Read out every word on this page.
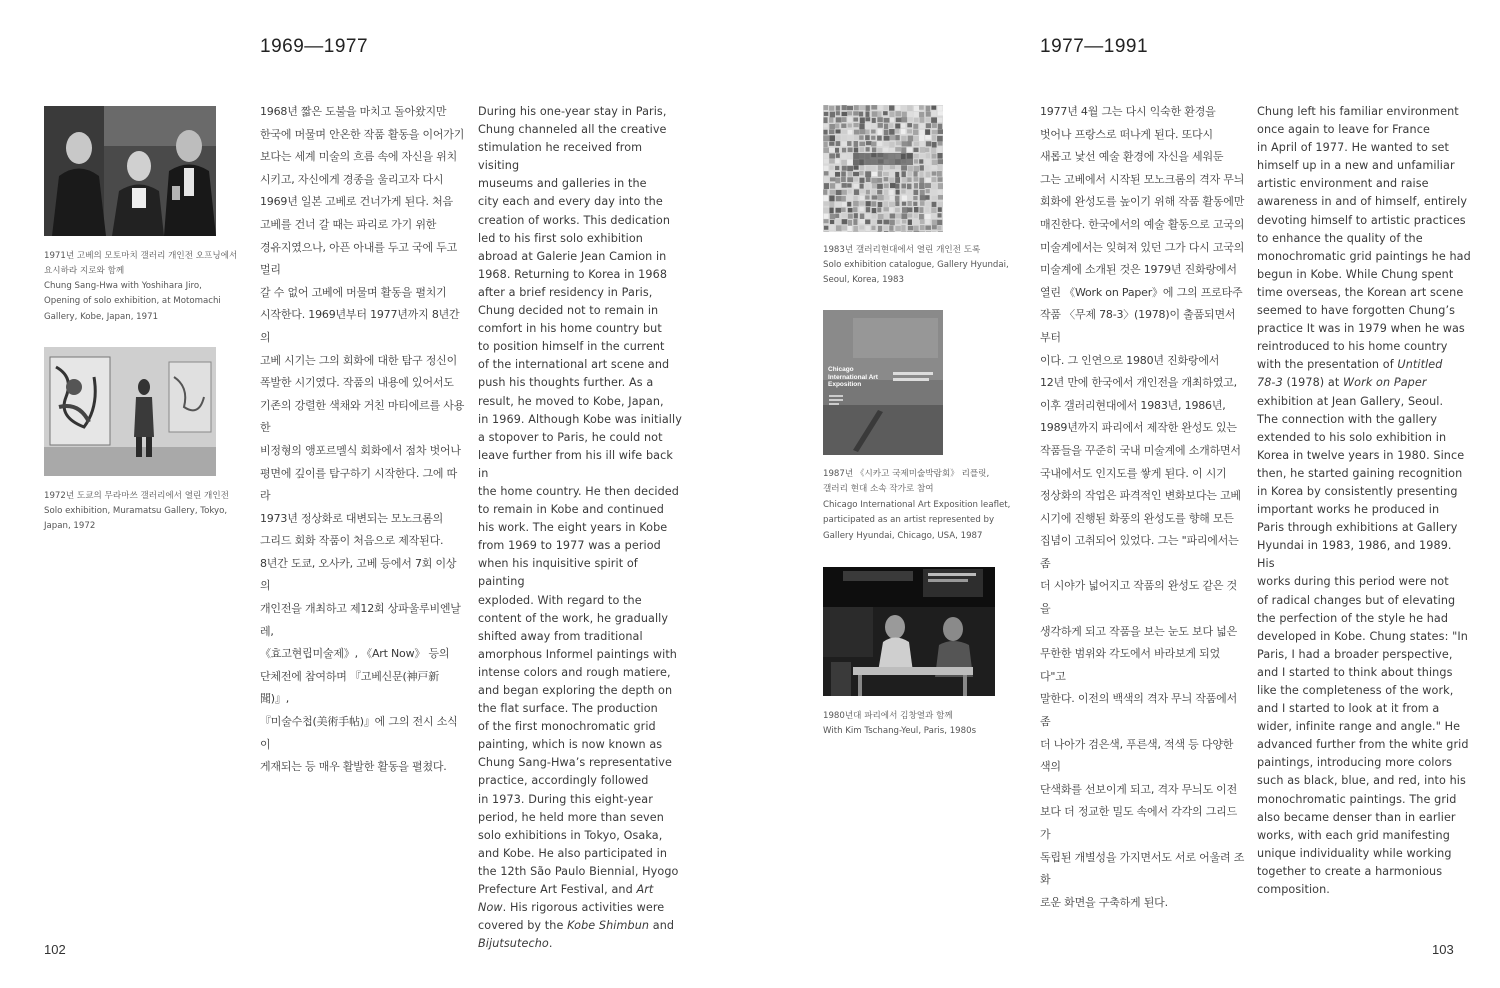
1969—1977
1971년 고베의 모토마치 갤러리 개인전 오프닝에서
요시하라 지로와 함께
Chung Sang-Hwa with Yoshihara Jiro,
Opening of solo exhibition, at Motomachi
Gallery, Kobe, Japan, 1971
1972년 도쿄의 무라마쓰 갤러리에서 열린 개인전
Solo exhibition, Muramatsu Gallery, Tokyo,
Japan, 1972
1968년 짧은 도불을 마치고 돌아왔지만
한국에 머물며 안온한 작품 활동을 이어가기
보다는 세계 미술의 흐름 속에 자신을 위치
시키고, 자신에게 경종을 울리고자 다시
1969년 일본 고베로 건너가게 된다. 처음
고베를 건너 갈 때는 파리로 가기 위한
경유지였으나, 아픈 아내를 두고 국에 두고 멀리
갈 수 없어 고베에 머물며 활동을 펼치기
시작한다. 1969년부터 1977년까지 8년간의
고베 시기는 그의 회화에 대한 탐구 정신이
폭발한 시기였다. 작품의 내용에 있어서도
기존의 강렬한 색채와 거친 마티에르를 사용한
비정형의 앵포르멜식 회화에서 점차 벗어나
평면에 깊이를 탐구하기 시작한다. 그에 따라
1973년 정상화로 대변되는 모노크롬의
그리드 회화 작품이 처음으로 제작된다.
8년간 도쿄, 오사카, 고베 등에서 7회 이상의
개인전을 개최하고 제12회 상파울루비엔날레,
《효고현립미술제》, 《Art Now》 등의
단체전에 참여하며 『고베신문(神戸新聞)』,
『미술수첩(美術手帖)』에 그의 전시 소식이
게재되는 등 매우 활발한 활동을 펼쳤다.
During his one-year stay in Paris,
Chung channeled all the creative
stimulation he received from visiting
museums and galleries in the
city each and every day into the
creation of works. This dedication
led to his first solo exhibition
abroad at Galerie Jean Camion in
1968. Returning to Korea in 1968
after a brief residency in Paris,
Chung decided not to remain in
comfort in his home country but
to position himself in the current
of the international art scene and
push his thoughts further. As a
result, he moved to Kobe, Japan,
in 1969. Although Kobe was initially
a stopover to Paris, he could not
leave further from his ill wife back in
the home country. He then decided
to remain in Kobe and continued
his work. The eight years in Kobe
from 1969 to 1977 was a period
when his inquisitive spirit of painting
exploded. With regard to the
content of the work, he gradually
shifted away from traditional
amorphous Informel paintings with
intense colors and rough matiere,
and began exploring the depth on
the flat surface. The production
of the first monochromatic grid
painting, which is now known as
Chung Sang-Hwa’s representative
practice, accordingly followed
in 1973. During this eight-year
period, he held more than seven
solo exhibitions in Tokyo, Osaka,
and Kobe. He also participated in
the 12th São Paulo Biennial, Hyogo
Prefecture Art Festival, and Art
Now. His rigorous activities were
covered by the Kobe Shimbun and
Bijutsutecho.
102
1977—1991
1983년 갤러리현대에서 열린 개인전 도록
Solo exhibition catalogue, Gallery Hyundai,
Seoul, Korea, 1983
Chicago
International Art
Exposition
1987년 《시카고 국제미술박람회》 리플릿,
갤러리 현대 소속 작가로 참여
Chicago International Art Exposition leaflet,
participated as an artist represented by
Gallery Hyundai, Chicago, USA, 1987
1980년대 파리에서 김창열과 함께
With Kim Tschang-Yeul, Paris, 1980s
1977년 4월 그는 다시 익숙한 환경을
벗어나 프랑스로 떠나게 된다. 또다시
새롭고 낯선 예술 환경에 자신을 세워둔
그는 고베에서 시작된 모노크롬의 격자 무늬
회화에 완성도를 높이기 위해 작품 활동에만
매진한다. 한국에서의 예술 활동으로 고국의
미술계에서는 잊혀져 있던 그가 다시 고국의
미술계에 소개된 것은 1979년 진화랑에서
열린 《Work on Paper》에 그의 프로타주
작품 〈무제 78-3〉(1978)이 출품되면서부터
이다. 그 인연으로 1980년 진화랑에서
12년 만에 한국에서 개인전을 개최하였고,
이후 갤러리현대에서 1983년, 1986년,
1989년까지 파리에서 제작한 완성도 있는
작품들을 꾸준히 국내 미술계에 소개하면서
국내에서도 인지도를 쌓게 된다. 이 시기
정상화의 작업은 파격적인 변화보다는 고베
시기에 진행된 화풍의 완성도를 향해 모든
집념이 고취되어 있었다. 그는 "파리에서는 좀
더 시야가 넓어지고 작품의 완성도 같은 것을
생각하게 되고 작품을 보는 눈도 보다 넓은
무한한 범위와 각도에서 바라보게 되었다"고
말한다. 이전의 백색의 격자 무늬 작품에서 좀
더 나아가 검은색, 푸른색, 적색 등 다양한 색의
단색화를 선보이게 되고, 격자 무늬도 이전
보다 더 정교한 밀도 속에서 각각의 그리드가
독립된 개별성을 가지면서도 서로 어울려 조화
로운 화면을 구축하게 된다.
Chung left his familiar environment
once again to leave for France
in April of 1977. He wanted to set
himself up in a new and unfamiliar
artistic environment and raise
awareness in and of himself, entirely
devoting himself to artistic practices
to enhance the quality of the
monochromatic grid paintings he had
begun in Kobe. While Chung spent
time overseas, the Korean art scene
seemed to have forgotten Chung’s
practice It was in 1979 when he was
reintroduced to his home country
with the presentation of Untitled
78-3 (1978) at Work on Paper
exhibition at Jean Gallery, Seoul.
The connection with the gallery
extended to his solo exhibition in
Korea in twelve years in 1980. Since
then, he started gaining recognition
in Korea by consistently presenting
important works he produced in
Paris through exhibitions at Gallery
Hyundai in 1983, 1986, and 1989. His
works during this period were not
of radical changes but of elevating
the perfection of the style he had
developed in Kobe. Chung states: "In
Paris, I had a broader perspective,
and I started to think about things
like the completeness of the work,
and I started to look at it from a
wider, infinite range and angle." He
advanced further from the white grid
paintings, introducing more colors
such as black, blue, and red, into his
monochromatic paintings. The grid
also became denser than in earlier
works, with each grid manifesting
unique individuality while working
together to create a harmonious
composition.
103
